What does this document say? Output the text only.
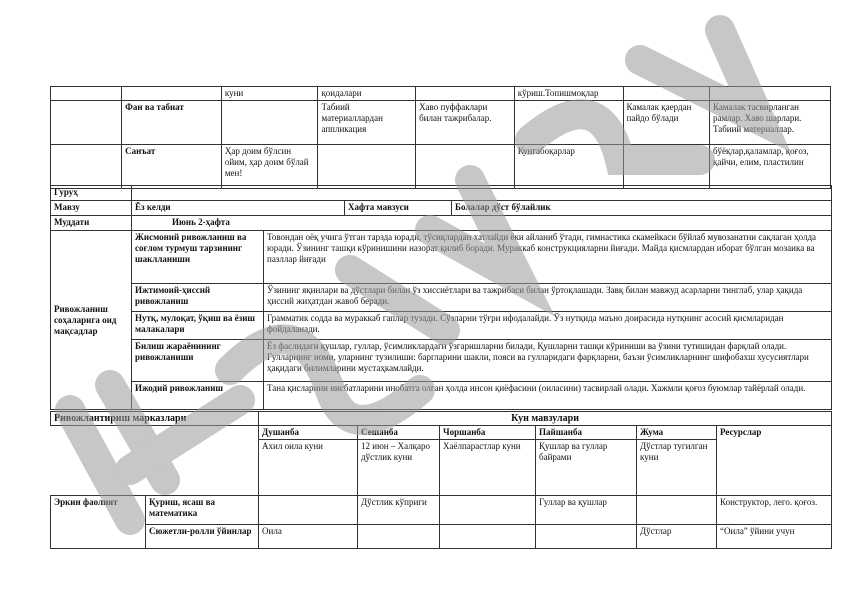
		куни	қоидалари		кўриш.Топишмоқлар		
	Фан ва табиат		Табиий материаллардан аппликация	Хаво пуффаклари билан тажрибалар.		Камалак қаердан пайдо бўлади	Камалак тасвирланган рамлар. Хаво шарлари. Табиий материаллар.
	Санъат	Ҳар доим бўлсин ойим, ҳар доим бўлай мен!			Кунгабоқарлар		бўёқлар,қаламлар, қоғоз, қайчи, елим, пластилин
Гуруҳ			
Мавзу	Ёз келди	Хафта мавзуси	Болалар дўст бўлайлик
Муддати	Июнь 2-ҳафта		
Ривожланиш соҳаларига оид мақсадлар	Жисмоний ривожланиш ва соғлом турмуш тарзининг шаклланиши	Товондан оёқ учига ўтган тарзда юради, тўсиқлардан хатлайди ёки айланиб ўтади, гимнастика скамейкаси бўйлаб мувозанатни сақлаган ҳолда юради. Ўзининг ташқи кўринишини назорат қилиб боради. Мураккаб конструкцияларни йиғади. Майда қисмлардан иборат бўлган мозаика ва пазллар йиғади
	Ижтимоий-ҳиссий ривожланиш	Ўзининг яқинлари ва дўстлари билан ўз хиссиётлари ва тажрибаси билан ўртоқлашади. Завқ билан мавжуд асарларни тинглаб, улар ҳақида ҳиссий жиҳатдан жавоб беради.
	Нутқ, мулоқат, ўқиш ва ёзиш малакалари	Грамматик содда ва мураккаб гаплар тузади. Сўзларни тўғри ифодалайди. Ўз нутқида маъно доирасида нутқнинг асосий қисмларидан фойдаланади.
	Билиш жараёнининг ривожланиши	Ёз фаслидаги қушлар, гуллар, ўсимликлардаги ўзгаришларни билади, Қушларни ташқи кўриниши ва ўзини тутишидан фарқлай олади. Гулларнинг номи, уларнинг тузилиши: баргларини шакли, пояси ва гулларидаги фарқларни, баъзи ўсимликларнинг шифобахш хусусиятлари ҳақидаги билимларини мустаҳкамлайди.
	Ижодий ривожланиш	Тана қисларини нисбатларини инобатга олган ҳолда инсон қиёфасини (оиласини) тасвирлай олади. Хажмли қоғоз буюмлар тайёрлай олади.
Ривожлантириш марказлари		Кун мавзулари					
		Душанба	Сешанба	Чоршанба	Пайшанба	Жума	Ресурслар
		Ахил оила куни	12 июн – Халқаро дўстлик куни	Хаёлпарастлар куни	Қушлар ва гуллар байрами	Дўстлар тугилган куни	
Эркин фаолият	Қуриш, ясаш ва математика		Дўстлик кўприги		Гуллар ва қушлар		Конструктор, лего. қоғоз.
	Сюжетли-ролли ўйинлар	Оила				Дўстлар	“Оила” ўйини учун
